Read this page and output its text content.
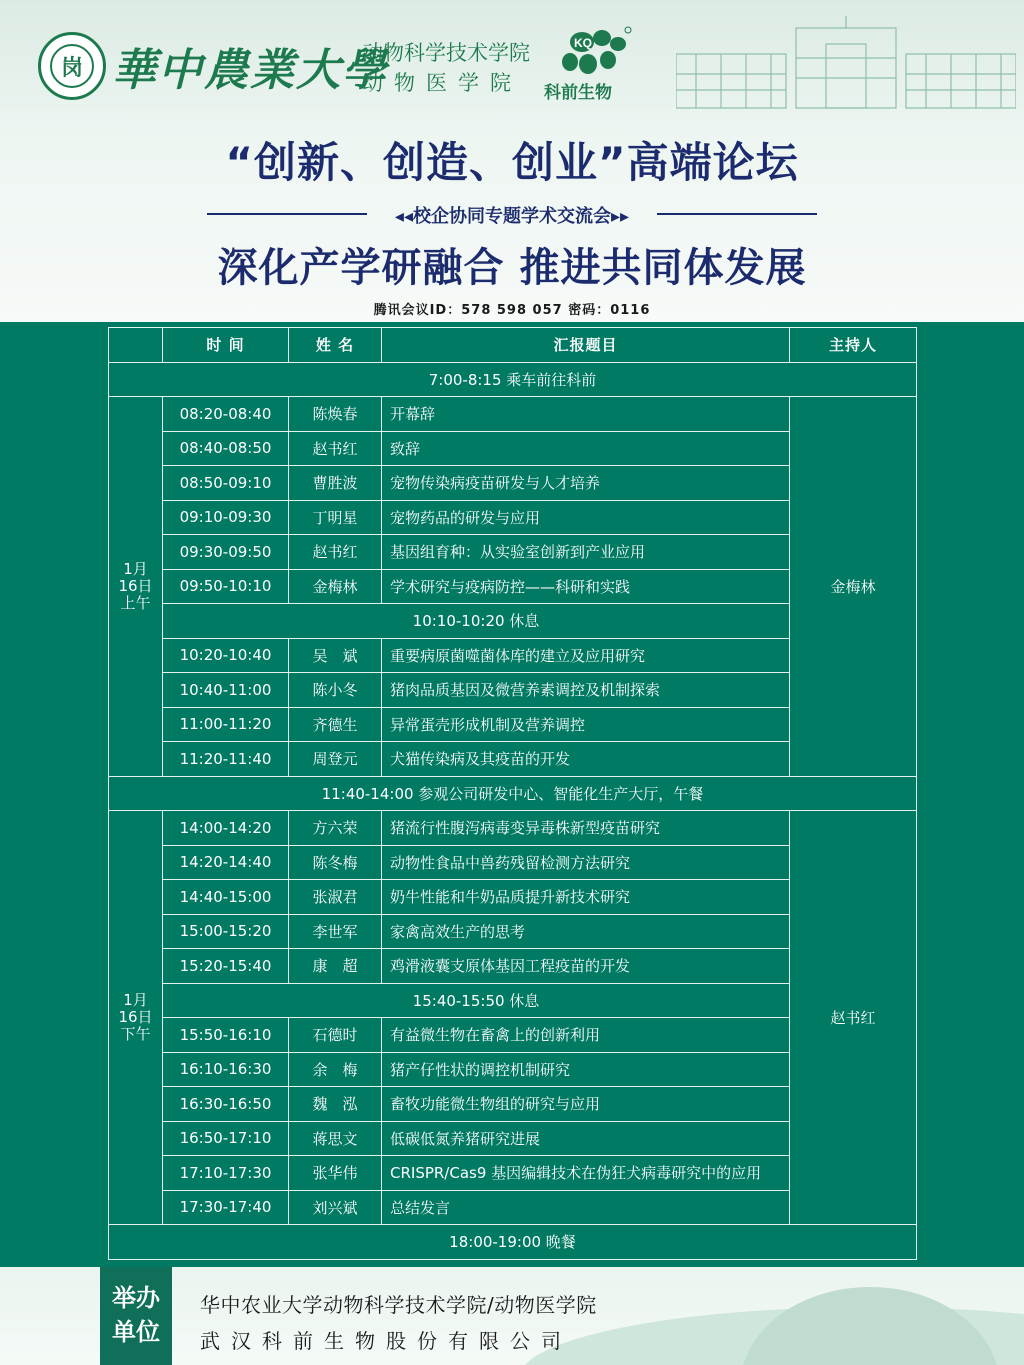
岗 華中農業大學
动物科学技术学院
动物医学院
KQ
科前生物
“创新、创造、创业”高端论坛
◂◂校企协同专题学术交流会▸▸
深化产学研融合 推进共同体发展
腾讯会议ID：578 598 057 密码：0116
	时 间	姓 名	汇报题目	主持人
7:00-8:15 乘车前往科前				
1月
16日
上午	08:20-08:40	陈焕春	开幕辞	金梅林
	08:40-08:50	赵书红	致辞	
	08:50-09:10	曹胜波	宠物传染病疫苗研发与人才培养	
	09:10-09:30	丁明星	宠物药品的研发与应用	
	09:30-09:50	赵书红	基因组育种：从实验室创新到产业应用	
	09:50-10:10	金梅林	学术研究与疫病防控——科研和实践	
	10:10-10:20 休息			
	10:20-10:40	吴　斌	重要病原菌噬菌体库的建立及应用研究	
	10:40-11:00	陈小冬	猪肉品质基因及微营养素调控及机制探索	
	11:00-11:20	齐德生	异常蛋壳形成机制及营养调控	
	11:20-11:40	周登元	犬猫传染病及其疫苗的开发	
11:40-14:00 参观公司研发中心、智能化生产大厅，午餐				
1月
16日
下午	14:00-14:20	方六荣	猪流行性腹泻病毒变异毒株新型疫苗研究	赵书红
	14:20-14:40	陈冬梅	动物性食品中兽药残留检测方法研究	
	14:40-15:00	张淑君	奶牛性能和牛奶品质提升新技术研究	
	15:00-15:20	李世军	家禽高效生产的思考	
	15:20-15:40	康　超	鸡滑液囊支原体基因工程疫苗的开发	
	15:40-15:50 休息			
	15:50-16:10	石德时	有益微生物在畜禽上的创新利用	
	16:10-16:30	余　梅	猪产仔性状的调控机制研究	
	16:30-16:50	魏　泓	畜牧功能微生物组的研究与应用	
	16:50-17:10	蒋思文	低碳低氮养猪研究进展	
	17:10-17:30	张华伟	CRISPR/Cas9 基因编辑技术在伪狂犬病毒研究中的应用	
	17:30-17:40	刘兴斌	总结发言	
18:00-19:00 晚餐				
举办
单位
华中农业大学动物科学技术学院/动物医学院
武汉科前生物股份有限公司
